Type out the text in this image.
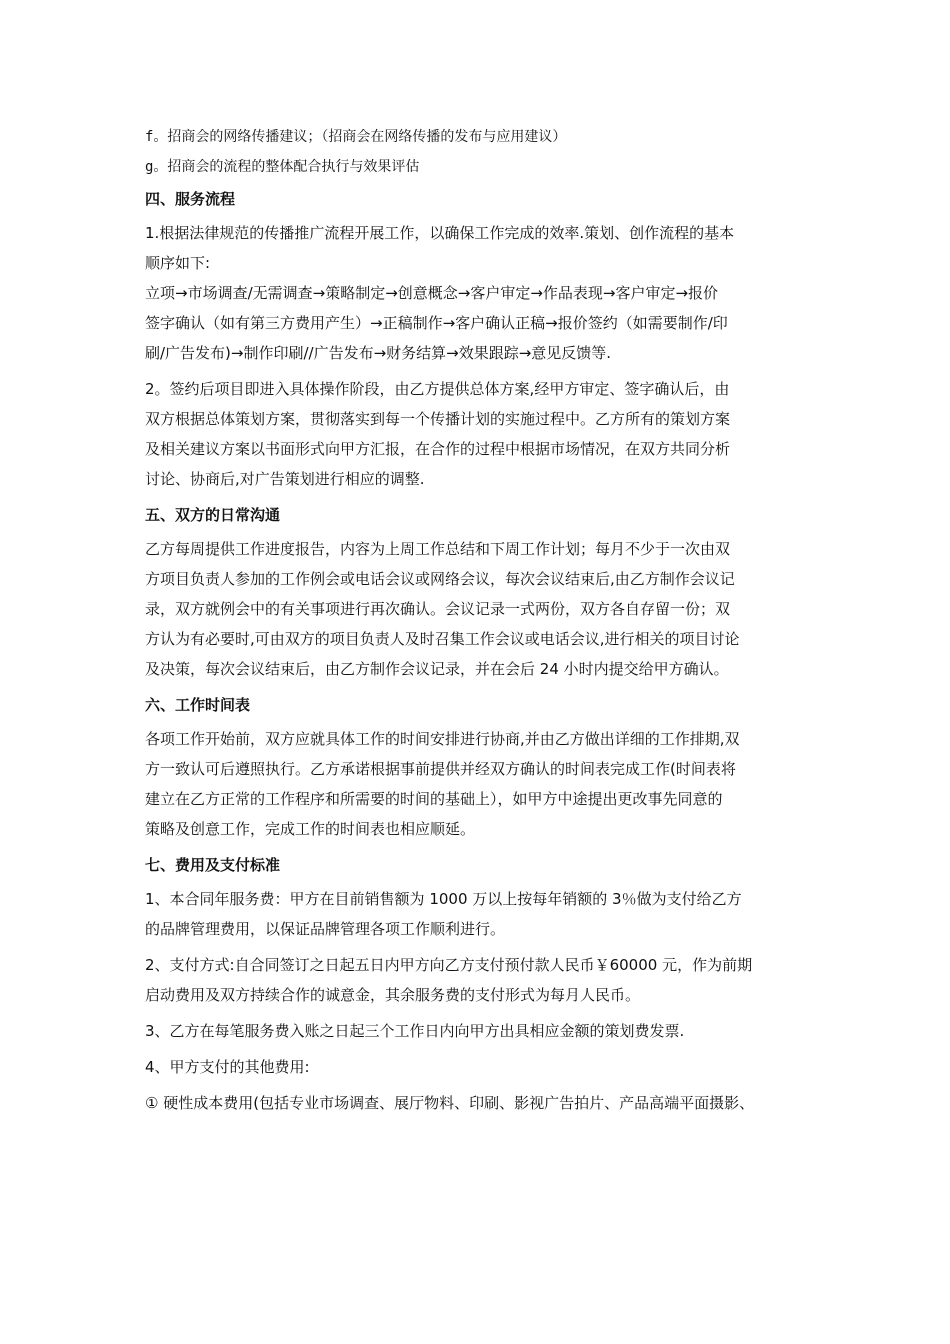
f。招商会的网络传播建议；（招商会在网络传播的发布与应用建议）
g。招商会的流程的整体配合执行与效果评估
四、服务流程
1.根据法律规范的传播推广流程开展工作，以确保工作完成的效率.策划、创作流程的基本
顺序如下:
立项→市场调查/无需调查→策略制定→创意概念→客户审定→作品表现→客户审定→报价
签字确认（如有第三方费用产生）→正稿制作→客户确认正稿→报价签约（如需要制作/印
刷/广告发布)→制作印刷//广告发布→财务结算→效果跟踪→意见反馈等.
2。签约后项目即进入具体操作阶段，由乙方提供总体方案,经甲方审定、签字确认后，由
双方根据总体策划方案，贯彻落实到每一个传播计划的实施过程中。乙方所有的策划方案
及相关建议方案以书面形式向甲方汇报，在合作的过程中根据市场情况，在双方共同分析
讨论、协商后,对广告策划进行相应的调整.
五、双方的日常沟通
乙方每周提供工作进度报告，内容为上周工作总结和下周工作计划；每月不少于一次由双
方项目负责人参加的工作例会或电话会议或网络会议，每次会议结束后,由乙方制作会议记
录，双方就例会中的有关事项进行再次确认。会议记录一式两份，双方各自存留一份；双
方认为有必要时,可由双方的项目负责人及时召集工作会议或电话会议,进行相关的项目讨论
及决策，每次会议结束后，由乙方制作会议记录，并在会后 24 小时内提交给甲方确认。
六、工作时间表
各项工作开始前，双方应就具体工作的时间安排进行协商,并由乙方做出详细的工作排期,双
方一致认可后遵照执行。乙方承诺根据事前提供并经双方确认的时间表完成工作(时间表将
建立在乙方正常的工作程序和所需要的时间的基础上），如甲方中途提出更改事先同意的
策略及创意工作，完成工作的时间表也相应顺延。
七、费用及支付标准
1、本合同年服务费：甲方在目前销售额为 1000 万以上按每年销额的 3％做为支付给乙方
的品牌管理费用，以保证品牌管理各项工作顺利进行。
2、支付方式:自合同签订之日起五日内甲方向乙方支付预付款人民币￥60000 元，作为前期
启动费用及双方持续合作的诚意金，其余服务费的支付形式为每月人民币。
3、乙方在每笔服务费入账之日起三个工作日内向甲方出具相应金额的策划费发票.
4、甲方支付的其他费用:
① 硬性成本费用(包括专业市场调查、展厅物料、印刷、影视广告拍片、产品高端平面摄影、
